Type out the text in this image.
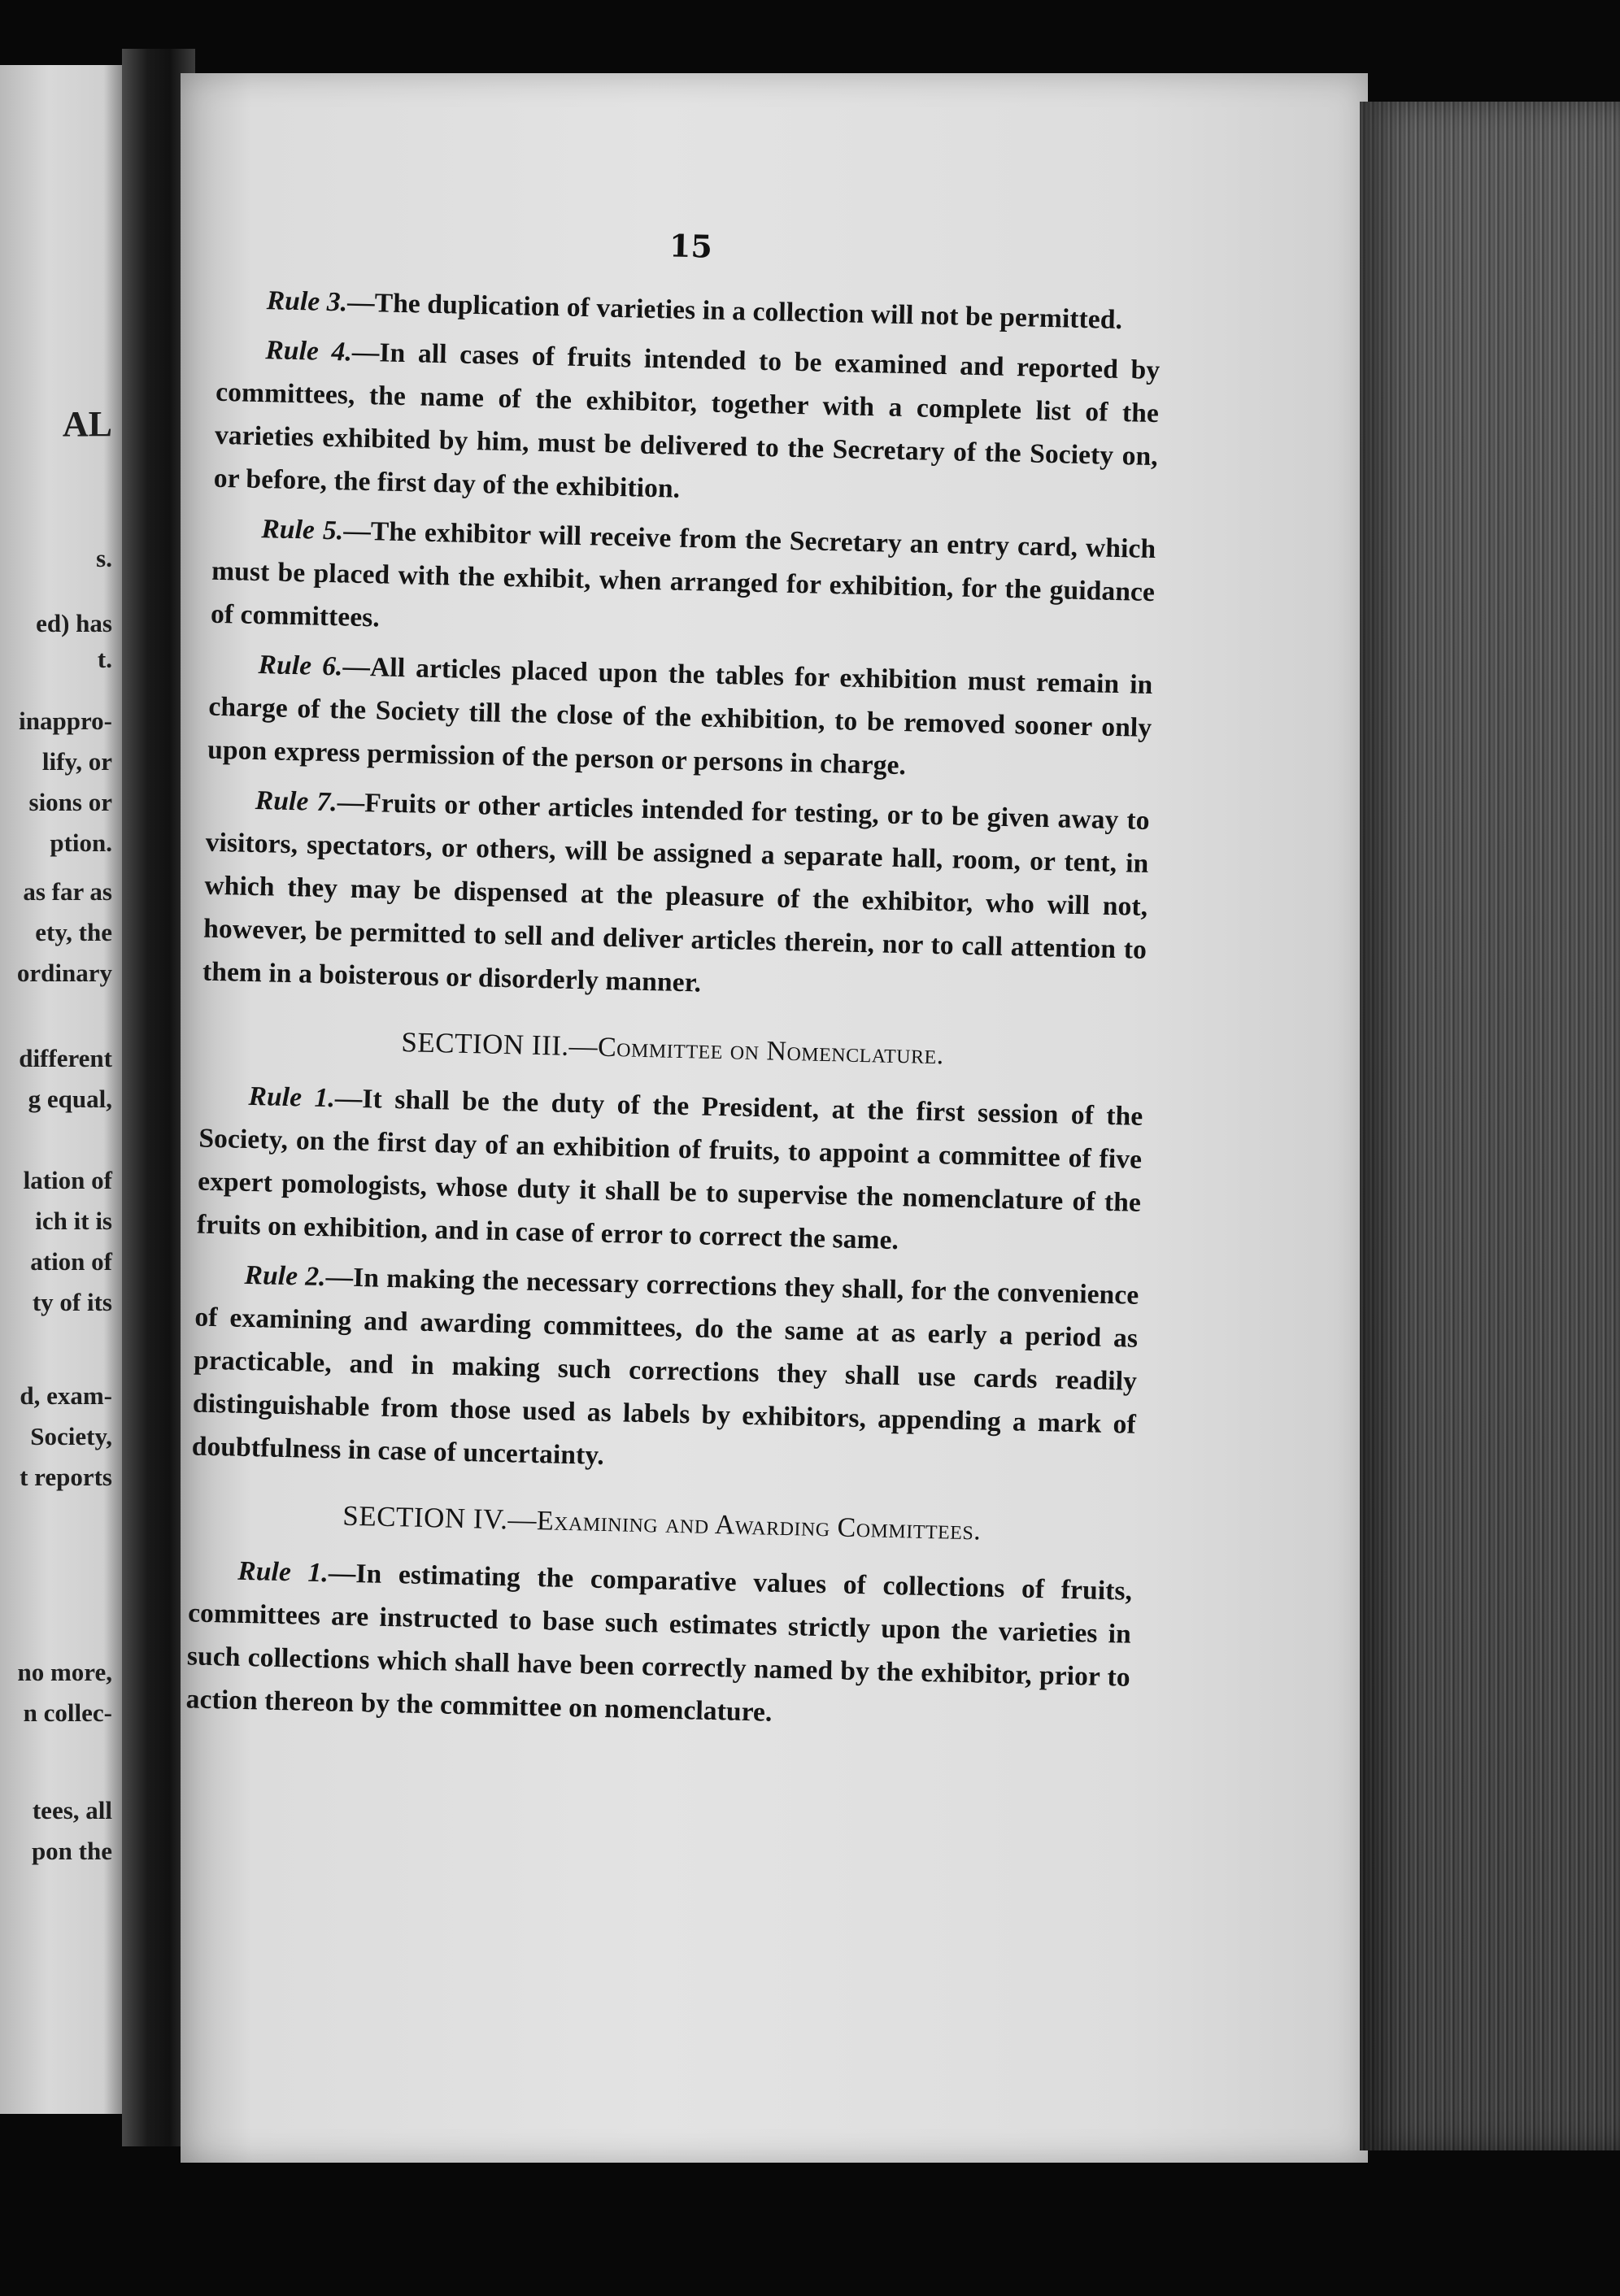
AL

s.

ed) has

t.

inappro-

lify, or

sions or

ption.

as far as

ety, the

ordinary

different

g equal,

lation of

ich it is

ation of

ty of its

d, exam-

Society,

t reports

no more,

n collec-

tees, all

pon the

15

Rule 3.—The duplication of varieties in a collection will not be permitted.

Rule 4.—In all cases of fruits intended to be examined and reported by committees, the name of the exhibitor, together with a complete list of the varieties exhibited by him, must be delivered to the Secretary of the Society on, or before, the first day of the exhibition.

Rule 5.—The exhibitor will receive from the Secretary an entry card, which must be placed with the exhibit, when arranged for exhibition, for the guidance of committees.

Rule 6.—All articles placed upon the tables for exhibition must remain in charge of the Society till the close of the exhibition, to be removed sooner only upon express permission of the person or persons in charge.

Rule 7.—Fruits or other articles intended for testing, or to be given away to visitors, spectators, or others, will be assigned a separate hall, room, or tent, in which they may be dispensed at the pleasure of the exhibitor, who will not, however, be permitted to sell and deliver articles therein, nor to call attention to them in a boisterous or disorderly manner.

SECTION III.—Committee on Nomenclature.

Rule 1.—It shall be the duty of the President, at the first session of the Society, on the first day of an exhibition of fruits, to appoint a committee of five expert pomologists, whose duty it shall be to supervise the nomenclature of the fruits on exhibition, and in case of error to correct the same.

Rule 2.—In making the necessary corrections they shall, for the convenience of examining and awarding committees, do the same at as early a period as practicable, and in making such corrections they shall use cards readily distinguishable from those used as labels by exhibitors, appending a mark of doubtfulness in case of uncertainty.

SECTION IV.—Examining and Awarding Committees.

Rule 1.—In estimating the comparative values of collections of fruits, committees are instructed to base such estimates strictly upon the varieties in such collections which shall have been correctly named by the exhibitor, prior to action thereon by the committee on nomenclature.
